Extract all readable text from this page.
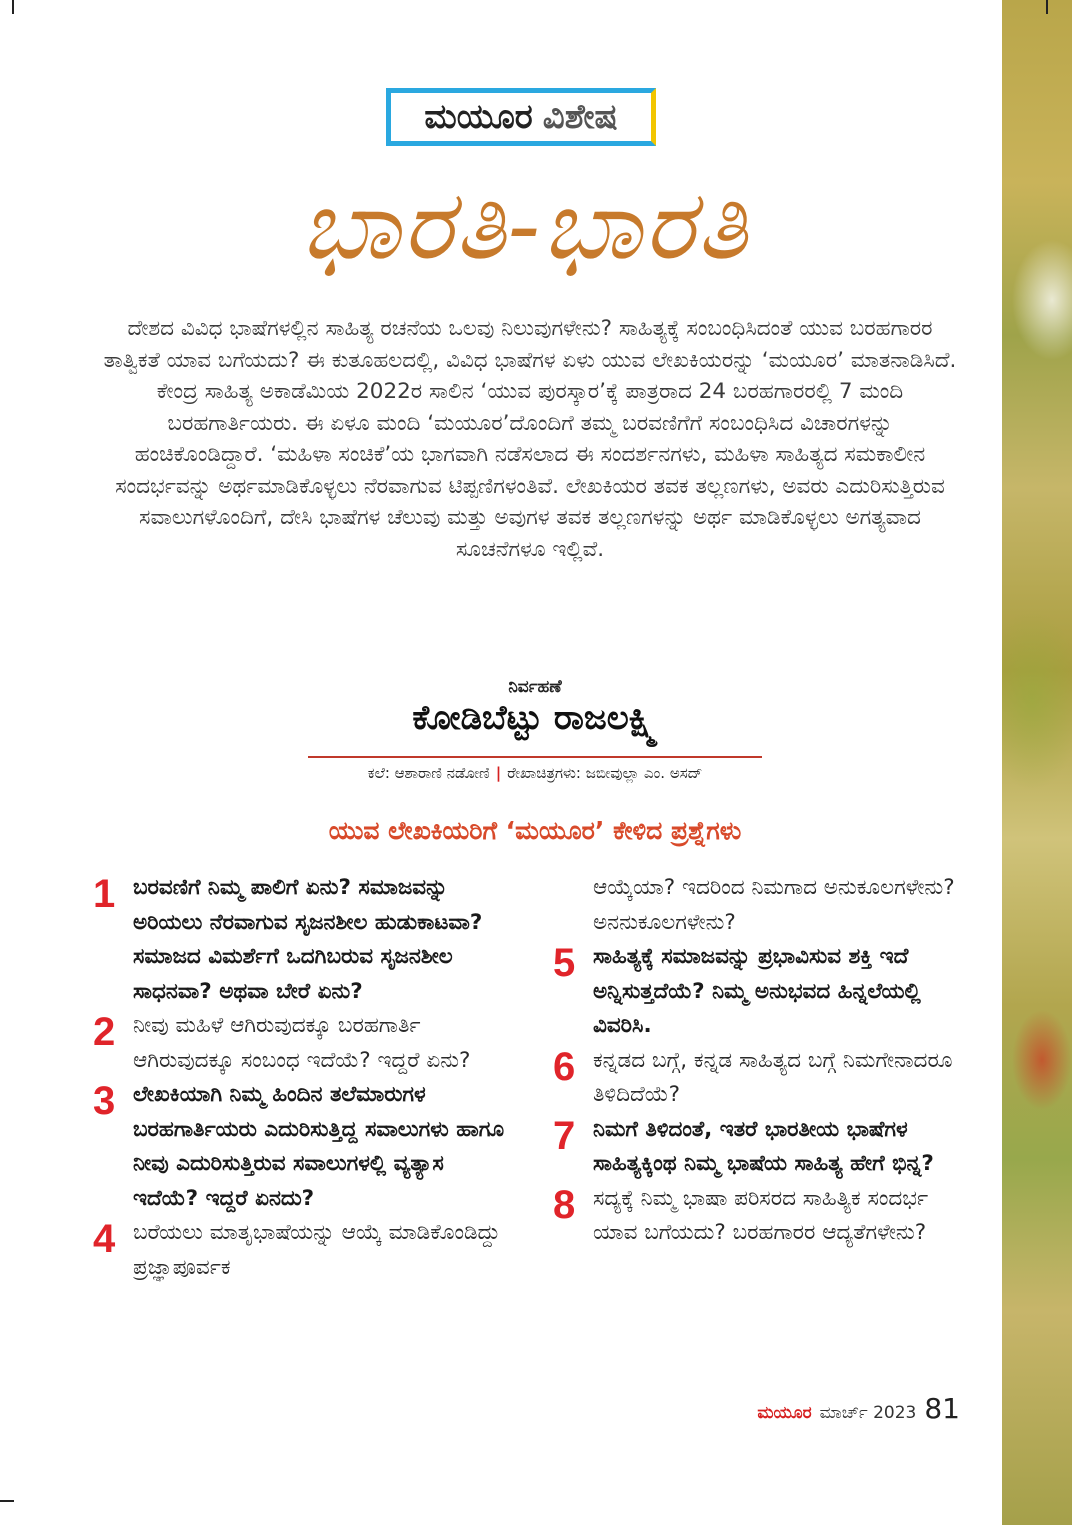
ಮಯೂರ ವಿಶೇಷ
ಭಾರತಿ-ಭಾರತಿ
ದೇಶದ ವಿವಿಧ ಭಾಷೆಗಳಲ್ಲಿನ ಸಾಹಿತ್ಯ ರಚನೆಯ ಒಲವು ನಿಲುವುಗಳೇನು? ಸಾಹಿತ್ಯಕ್ಕೆ ಸಂಬಂಧಿಸಿದಂತೆ ಯುವ ಬರಹಗಾರರ ತಾತ್ವಿಕತೆ ಯಾವ ಬಗೆಯದು? ಈ ಕುತೂಹಲದಲ್ಲಿ, ವಿವಿಧ ಭಾಷೆಗಳ ಏಳು ಯುವ ಲೇಖಕಿಯರನ್ನು ‘ಮಯೂರ’ ಮಾತನಾಡಿಸಿದೆ. ಕೇಂದ್ರ ಸಾಹಿತ್ಯ ಅಕಾಡೆಮಿಯ 2022ರ ಸಾಲಿನ ‘ಯುವ ಪುರಸ್ಕಾರ’ಕ್ಕೆ ಪಾತ್ರರಾದ 24 ಬರಹಗಾರರಲ್ಲಿ 7 ಮಂದಿ ಬರಹಗಾರ್ತಿಯರು. ಈ ಏಳೂ ಮಂದಿ ‘ಮಯೂರ’ದೊಂದಿಗೆ ತಮ್ಮ ಬರವಣಿಗೆಗೆ ಸಂಬಂಧಿಸಿದ ವಿಚಾರಗಳನ್ನು ಹಂಚಿಕೊಂಡಿದ್ದಾರೆ. ‘ಮಹಿಳಾ ಸಂಚಿಕೆ’ಯ ಭಾಗವಾಗಿ ನಡೆಸಲಾದ ಈ ಸಂದರ್ಶನಗಳು, ಮಹಿಳಾ ಸಾಹಿತ್ಯದ ಸಮಕಾಲೀನ ಸಂದರ್ಭವನ್ನು ಅರ್ಥಮಾಡಿಕೊಳ್ಳಲು ನೆರವಾಗುವ ಟಿಪ್ಪಣಿಗಳಂತಿವೆ. ಲೇಖಕಿಯರ ತವಕ ತಲ್ಲಣಗಳು, ಅವರು ಎದುರಿಸುತ್ತಿರುವ ಸವಾಲುಗಳೊಂದಿಗೆ, ದೇಸಿ ಭಾಷೆಗಳ ಚೆಲುವು ಮತ್ತು ಅವುಗಳ ತವಕ ತಲ್ಲಣಗಳನ್ನು ಅರ್ಥ ಮಾಡಿಕೊಳ್ಳಲು ಅಗತ್ಯವಾದ ಸೂಚನೆಗಳೂ ಇಲ್ಲಿವೆ.
ನಿರ್ವಹಣೆ
ಕೋಡಿಬೆಟ್ಟು ರಾಜಲಕ್ಷ್ಮಿ
ಕಲೆ: ಆಶಾರಾಣಿ ನಡೋಣಿ | ರೇಖಾಚಿತ್ರಗಳು: ಜಬೀವುಲ್ಲಾ ಎಂ. ಅಸದ್
ಯುವ ಲೇಖಕಿಯರಿಗೆ ‘ಮಯೂರ’ ಕೇಳಿದ ಪ್ರಶ್ನೆಗಳು
1 ಬರವಣಿಗೆ ನಿಮ್ಮ ಪಾಲಿಗೆ ಏನು? ಸಮಾಜವನ್ನು ಅರಿಯಲು ನೆರವಾಗುವ ಸೃಜನಶೀಲ ಹುಡುಕಾಟವಾ? ಸಮಾಜದ ವಿಮರ್ಶೆಗೆ ಒದಗಿಬರುವ ಸೃಜನಶೀಲ ಸಾಧನವಾ? ಅಥವಾ ಬೇರೆ ಏನು?
2 ನೀವು ಮಹಿಳೆ ಆಗಿರುವುದಕ್ಕೂ ಬರಹಗಾರ್ತಿ ಆಗಿರುವುದಕ್ಕೂ ಸಂಬಂಧ ಇದೆಯೆ? ಇದ್ದರೆ ಏನು?
3 ಲೇಖಕಿಯಾಗಿ ನಿಮ್ಮ ಹಿಂದಿನ ತಲೆಮಾರುಗಳ ಬರಹಗಾರ್ತಿಯರು ಎದುರಿಸುತ್ತಿದ್ದ ಸವಾಲುಗಳು ಹಾಗೂ ನೀವು ಎದುರಿಸುತ್ತಿರುವ ಸವಾಲುಗಳಲ್ಲಿ ವ್ಯತ್ಯಾಸ ಇದೆಯೆ? ಇದ್ದರೆ ಏನದು?
4 ಬರೆಯಲು ಮಾತೃಭಾಷೆಯನ್ನು ಆಯ್ಕೆ ಮಾಡಿಕೊಂಡಿದ್ದು ಪ್ರಜ್ಞಾಪೂರ್ವಕ
ಆಯ್ಕೆಯಾ? ಇದರಿಂದ ನಿಮಗಾದ ಅನುಕೂಲಗಳೇನು? ಅನನುಕೂಲಗಳೇನು?
5 ಸಾಹಿತ್ಯಕ್ಕೆ ಸಮಾಜವನ್ನು ಪ್ರಭಾವಿಸುವ ಶಕ್ತಿ ಇದೆ ಅನ್ನಿಸುತ್ತದೆಯೆ? ನಿಮ್ಮ ಅನುಭವದ ಹಿನ್ನಲೆಯಲ್ಲಿ ವಿವರಿಸಿ.
6 ಕನ್ನಡದ ಬಗ್ಗೆ, ಕನ್ನಡ ಸಾಹಿತ್ಯದ ಬಗ್ಗೆ ನಿಮಗೇನಾದರೂ ತಿಳಿದಿದೆಯೆ?
7 ನಿಮಗೆ ತಿಳಿದಂತೆ, ಇತರೆ ಭಾರತೀಯ ಭಾಷೆಗಳ ಸಾಹಿತ್ಯಕ್ಕಿಂಥ ನಿಮ್ಮ ಭಾಷೆಯ ಸಾಹಿತ್ಯ ಹೇಗೆ ಭಿನ್ನ?
8 ಸದ್ಯಕ್ಕೆ ನಿಮ್ಮ ಭಾಷಾ ಪರಿಸರದ ಸಾಹಿತ್ಯಿಕ ಸಂದರ್ಭ ಯಾವ ಬಗೆಯದು? ಬರಹಗಾರರ ಆದ್ಯತೆಗಳೇನು?
ಮಯೂರ ಮಾರ್ಚ್ 2023 81
